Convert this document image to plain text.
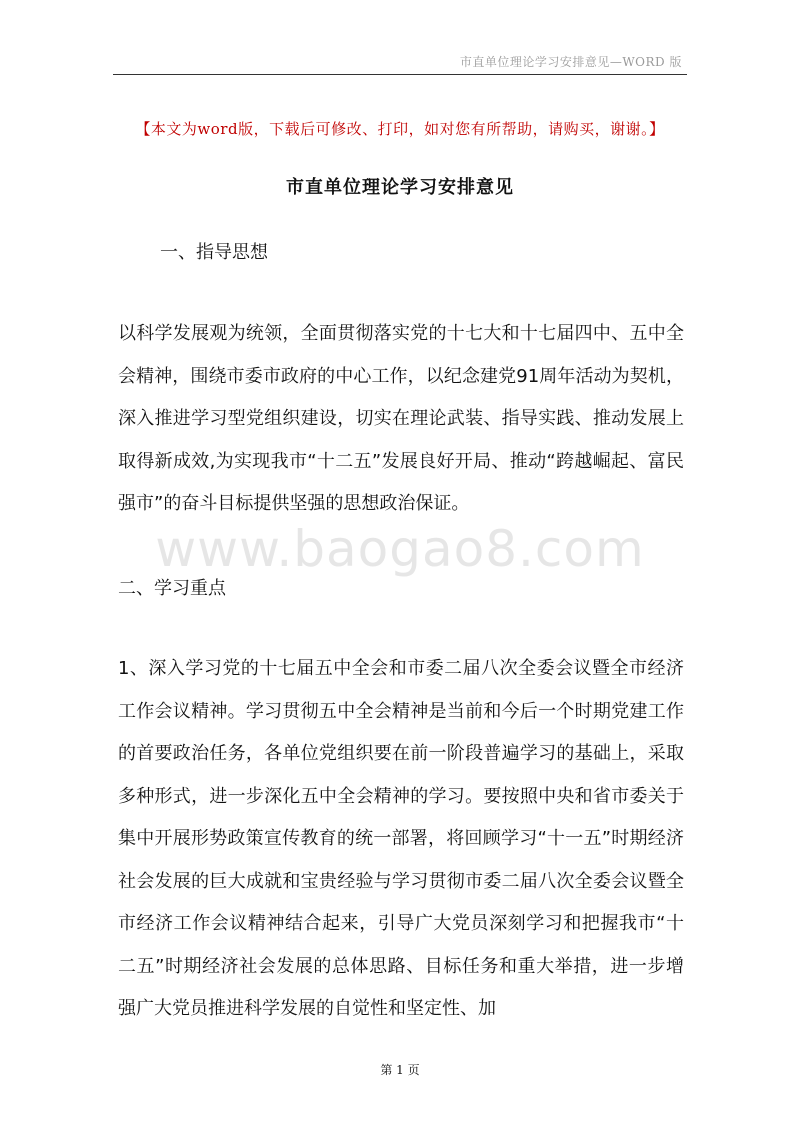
市直单位理论学习安排意见—WORD 版
【本文为word版，下载后可修改、打印，如对您有所帮助，请购买，谢谢。】
市直单位理论学习安排意见
一、指导思想
以科学发展观为统领，全面贯彻落实党的十七大和十七届四中、五中全会精神，围绕市委市政府的中心工作，以纪念建党91周年活动为契机，深入推进学习型党组织建设，切实在理论武装、指导实践、推动发展上取得新成效,为实现我市“十二五”发展良好开局、推动“跨越崛起、富民强市”的奋斗目标提供坚强的思想政治保证。
www.baogao8.com
二、学习重点
1、深入学习党的十七届五中全会和市委二届八次全委会议暨全市经济工作会议精神。学习贯彻五中全会精神是当前和今后一个时期党建工作的首要政治任务，各单位党组织要在前一阶段普遍学习的基础上，采取多种形式，进一步深化五中全会精神的学习。要按照中央和省市委关于集中开展形势政策宣传教育的统一部署，将回顾学习“十一五”时期经济社会发展的巨大成就和宝贵经验与学习贯彻市委二届八次全委会议暨全市经济工作会议精神结合起来，引导广大党员深刻学习和把握我市“十二五”时期经济社会发展的总体思路、目标任务和重大举措，进一步增强广大党员推进科学发展的自觉性和坚定性、加
第 1 页
